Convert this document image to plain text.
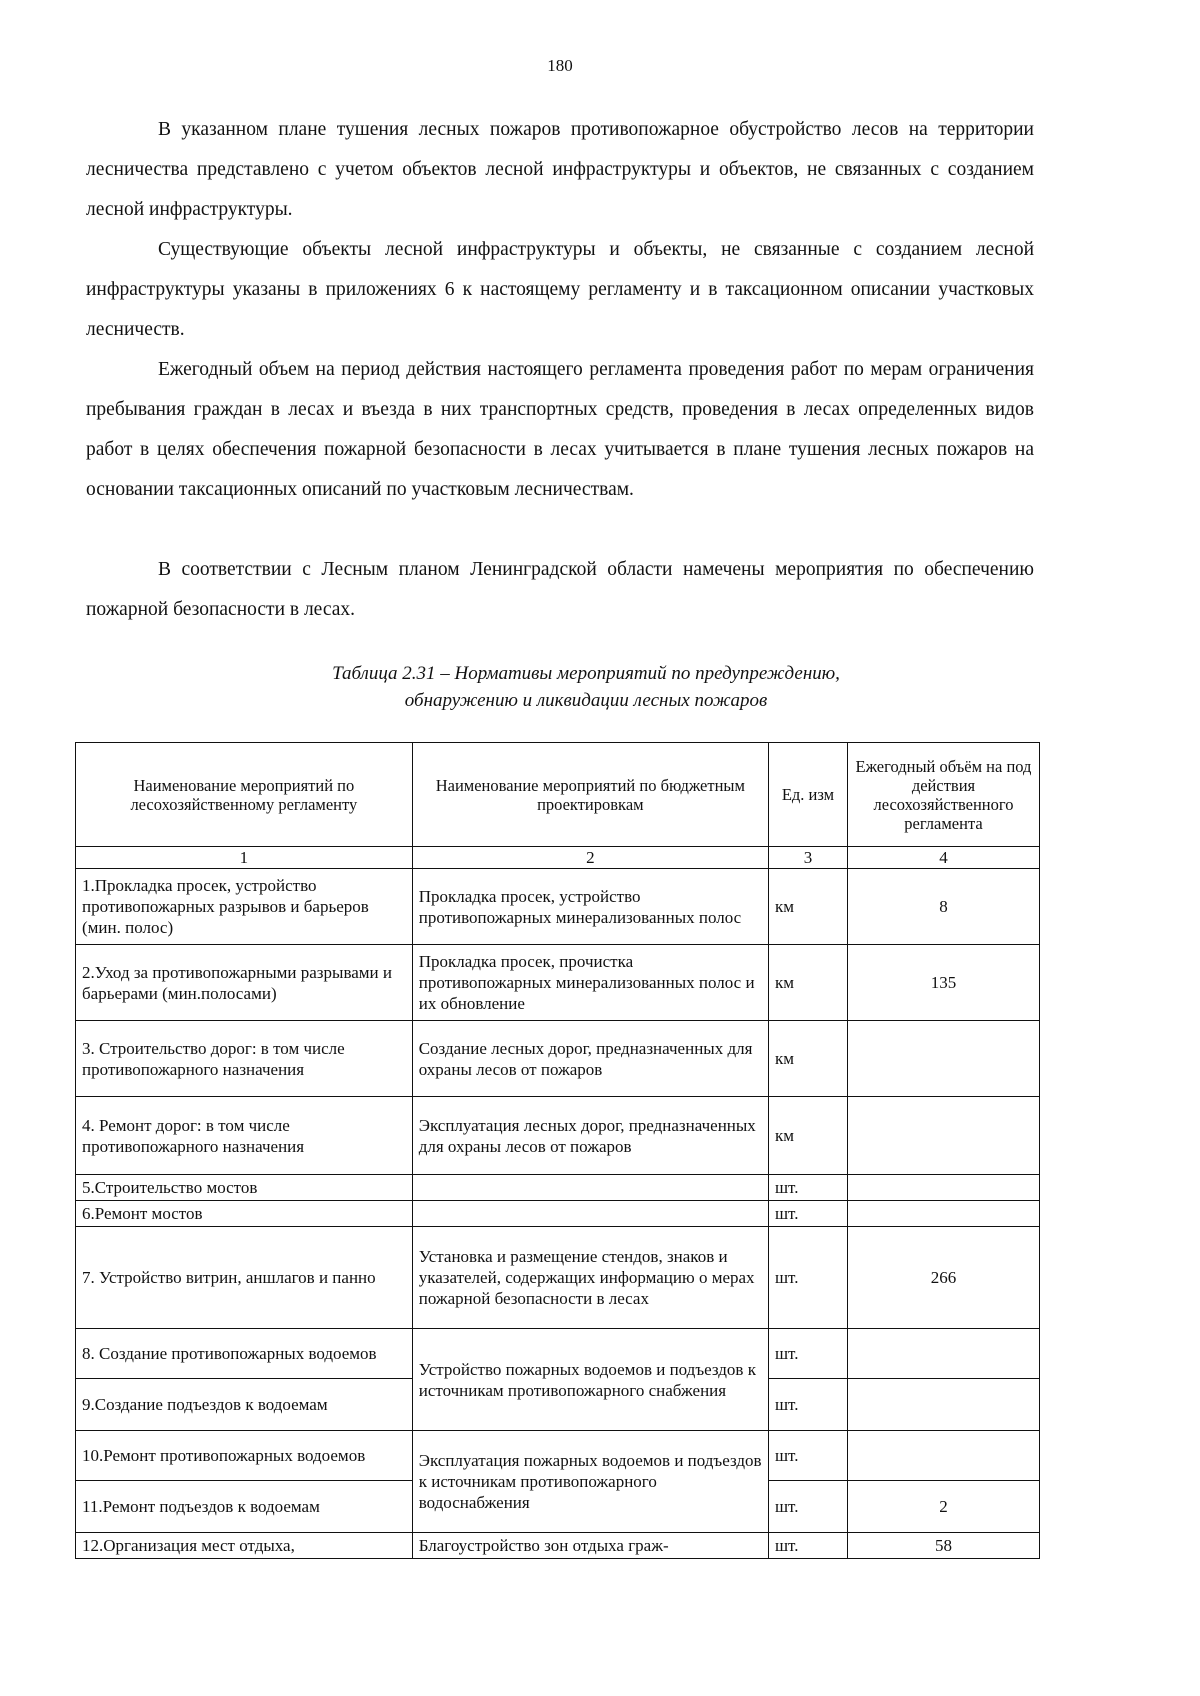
180

В указанном плане тушения лесных пожаров противопожарное обустройство лесов на территории лесничества представлено с учетом объектов лесной инфраструктуры и объектов, не связанных с созданием лесной инфраструктуры.

Существующие объекты лесной инфраструктуры и объекты, не связанные с созданием лесной инфраструктуры указаны в приложениях 6 к настоящему регламенту и в таксационном описании участковых лесничеств.

Ежегодный объем на период действия настоящего регламента проведения работ по мерам ограничения пребывания граждан в лесах и въезда в них транспортных средств, проведения в лесах определенных видов работ в целях обеспечения пожарной безопасности в лесах учитывается в плане тушения лесных пожаров на основании таксационных описаний по участковым лесничествам.

В соответствии с Лесным планом Ленинградской области намечены мероприятия по обеспечению пожарной безопасности в лесах.

Таблица 2.31 – Нормативы мероприятий по предупреждению,
обнаружению и ликвидации лесных пожаров
Наименование мероприятий по лесохозяйственному регламенту	Наименование мероприятий по бюджетным проектировкам	Ед. изм	Ежегодный объём на под действия лесохозяйственного регламента
1	2	3	4
1.Прокладка просек, устройство противопожарных разрывов и барьеров (мин. полос)	Прокладка просек, устройство противопожарных минерализованных полос	км	8
2.Уход за противопожарными разрывами и барьерами (мин.полосами)	Прокладка просек, прочистка противопожарных минерализованных полос и их обновление	км	135
3. Строительство дорог: в том числе противопожарного назначения	Создание лесных дорог, предназначенных для охраны лесов от пожаров	км	
4. Ремонт дорог: в том числе противопожарного назначения	Эксплуатация лесных дорог, предназначенных для охраны лесов от пожаров	км	
5.Строительство мостов		шт.	
6.Ремонт мостов		шт.	
7. Устройство витрин, аншлагов и панно	Установка и размещение стендов, знаков и указателей, содержащих информацию о мерах пожарной безопасности в лесах	шт.	266
8. Создание противопожарных водоемов	Устройство пожарных водоемов и подъездов к источникам противопожарного снабжения	шт.	
9.Создание подъездов к водоемам		шт.	
10.Ремонт противопожарных водоемов	Эксплуатация пожарных водоемов и подъездов к источникам противопожарного водоснабжения	шт.	
11.Ремонт подъездов к водоемам		шт.	2
12.Организация мест отдыха,	Благоустройство зон отдыха граж-	шт.	58
